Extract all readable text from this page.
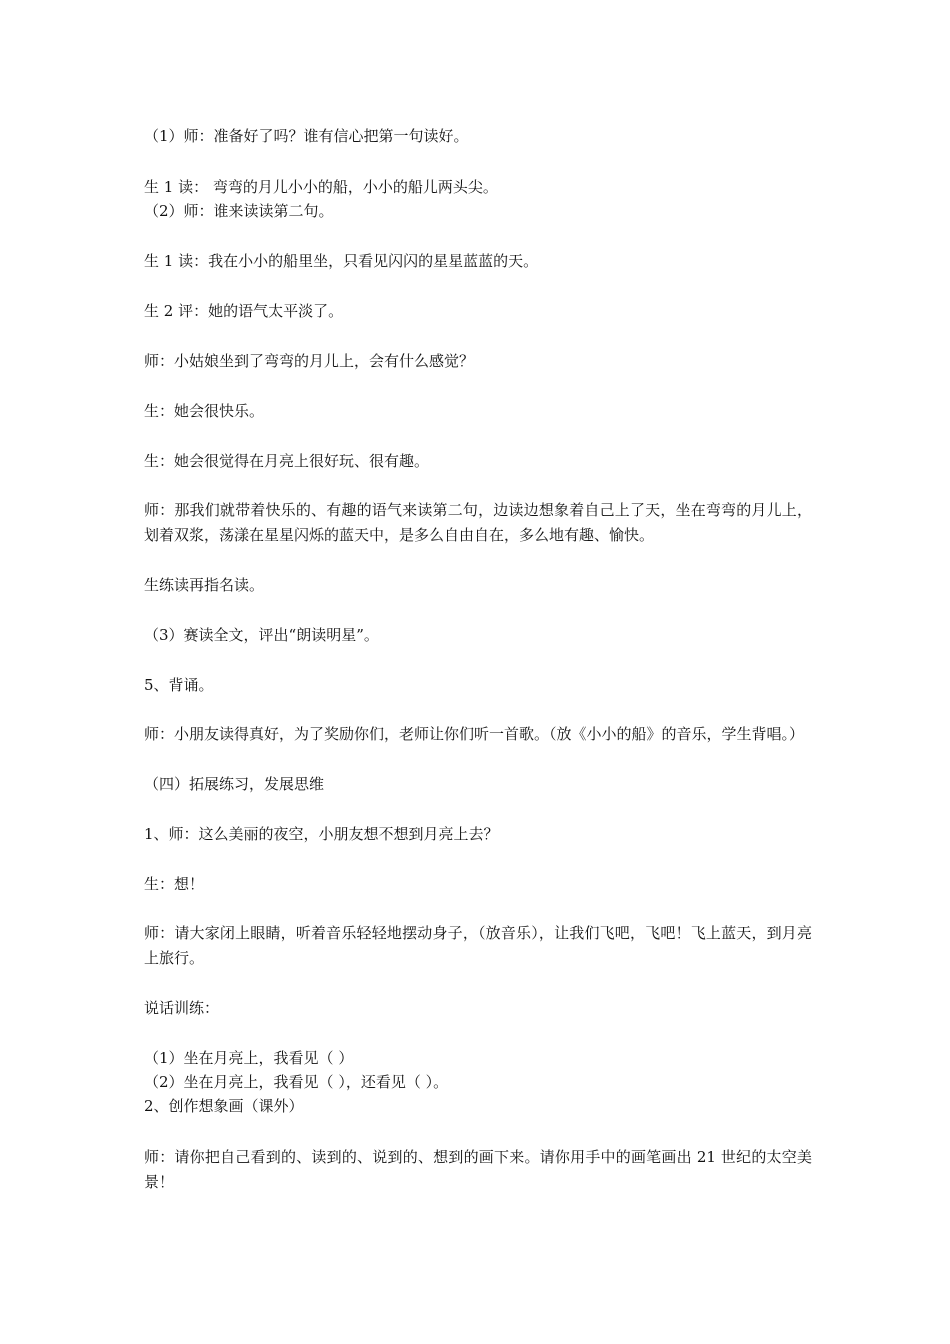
（1）师：准备好了吗？谁有信心把第一句读好。
生 1 读： 弯弯的月儿小小的船，小小的船儿两头尖。
（2）师：谁来读读第二句。
生 1 读：我在小小的船里坐，只看见闪闪的星星蓝蓝的天。
生 2 评：她的语气太平淡了。
师：小姑娘坐到了弯弯的月儿上，会有什么感觉？
生：她会很快乐。
生：她会很觉得在月亮上很好玩、很有趣。
师：那我们就带着快乐的、有趣的语气来读第二句，边读边想象着自己上了天，坐在弯弯的月儿上，划着双浆，荡漾在星星闪烁的蓝天中，是多么自由自在，多么地有趣、愉快。
生练读再指名读。
（3）赛读全文，评出“朗读明星”。
5、背诵。
师：小朋友读得真好，为了奖励你们，老师让你们听一首歌。（放《小小的船》的音乐，学生背唱。）
（四）拓展练习，发展思维
1、师：这么美丽的夜空，小朋友想不想到月亮上去？
生：想！
师：请大家闭上眼睛，听着音乐轻轻地摆动身子，（放音乐），让我们飞吧，飞吧！飞上蓝天，到月亮上旅行。
说话训练：
（1）坐在月亮上，我看见（ ）
（2）坐在月亮上，我看见（ ），还看见（ ）。
2、创作想象画（课外）
师：请你把自己看到的、读到的、说到的、想到的画下来。请你用手中的画笔画出 21 世纪的太空美景！
